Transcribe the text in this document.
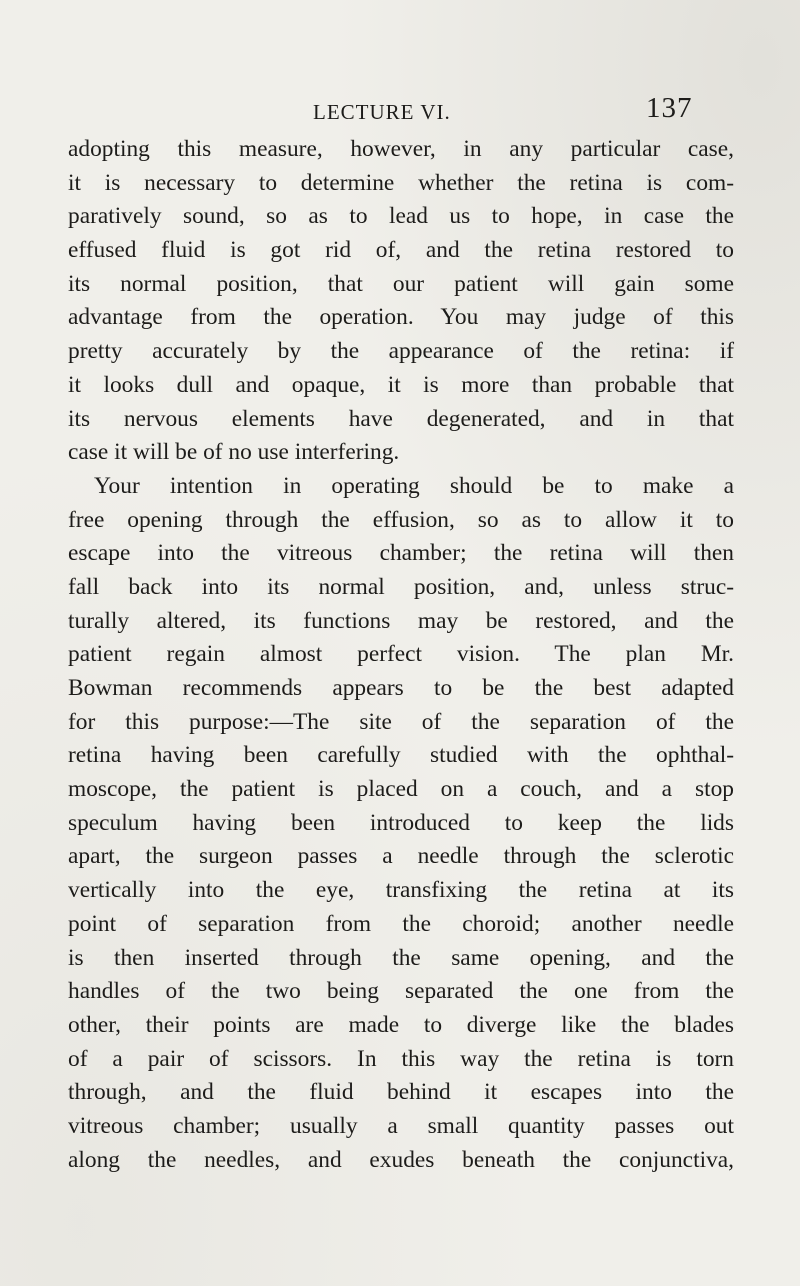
LECTURE VI.	137
adopting this measure, however, in any particular case,
it is necessary to determine whether the retina is com-
paratively sound, so as to lead us to hope, in case the
effused fluid is got rid of, and the retina restored to
its normal position, that our patient will gain some
advantage from the operation. You may judge of this
pretty accurately by the appearance of the retina: if
it looks dull and opaque, it is more than probable that
its nervous elements have degenerated, and in that
case it will be of no use interfering.
Your intention in operating should be to make a
free opening through the effusion, so as to allow it to
escape into the vitreous chamber; the retina will then
fall back into its normal position, and, unless struc-
turally altered, its functions may be restored, and the
patient regain almost perfect vision. The plan Mr.
Bowman recommends appears to be the best adapted
for this purpose:—The site of the separation of the
retina having been carefully studied with the ophthal-
moscope, the patient is placed on a couch, and a stop
speculum having been introduced to keep the lids
apart, the surgeon passes a needle through the sclerotic
vertically into the eye, transfixing the retina at its
point of separation from the choroid; another needle
is then inserted through the same opening, and the
handles of the two being separated the one from the
other, their points are made to diverge like the blades
of a pair of scissors. In this way the retina is torn
through, and the fluid behind it escapes into the
vitreous chamber; usually a small quantity passes out
along the needles, and exudes beneath the conjunctiva,
